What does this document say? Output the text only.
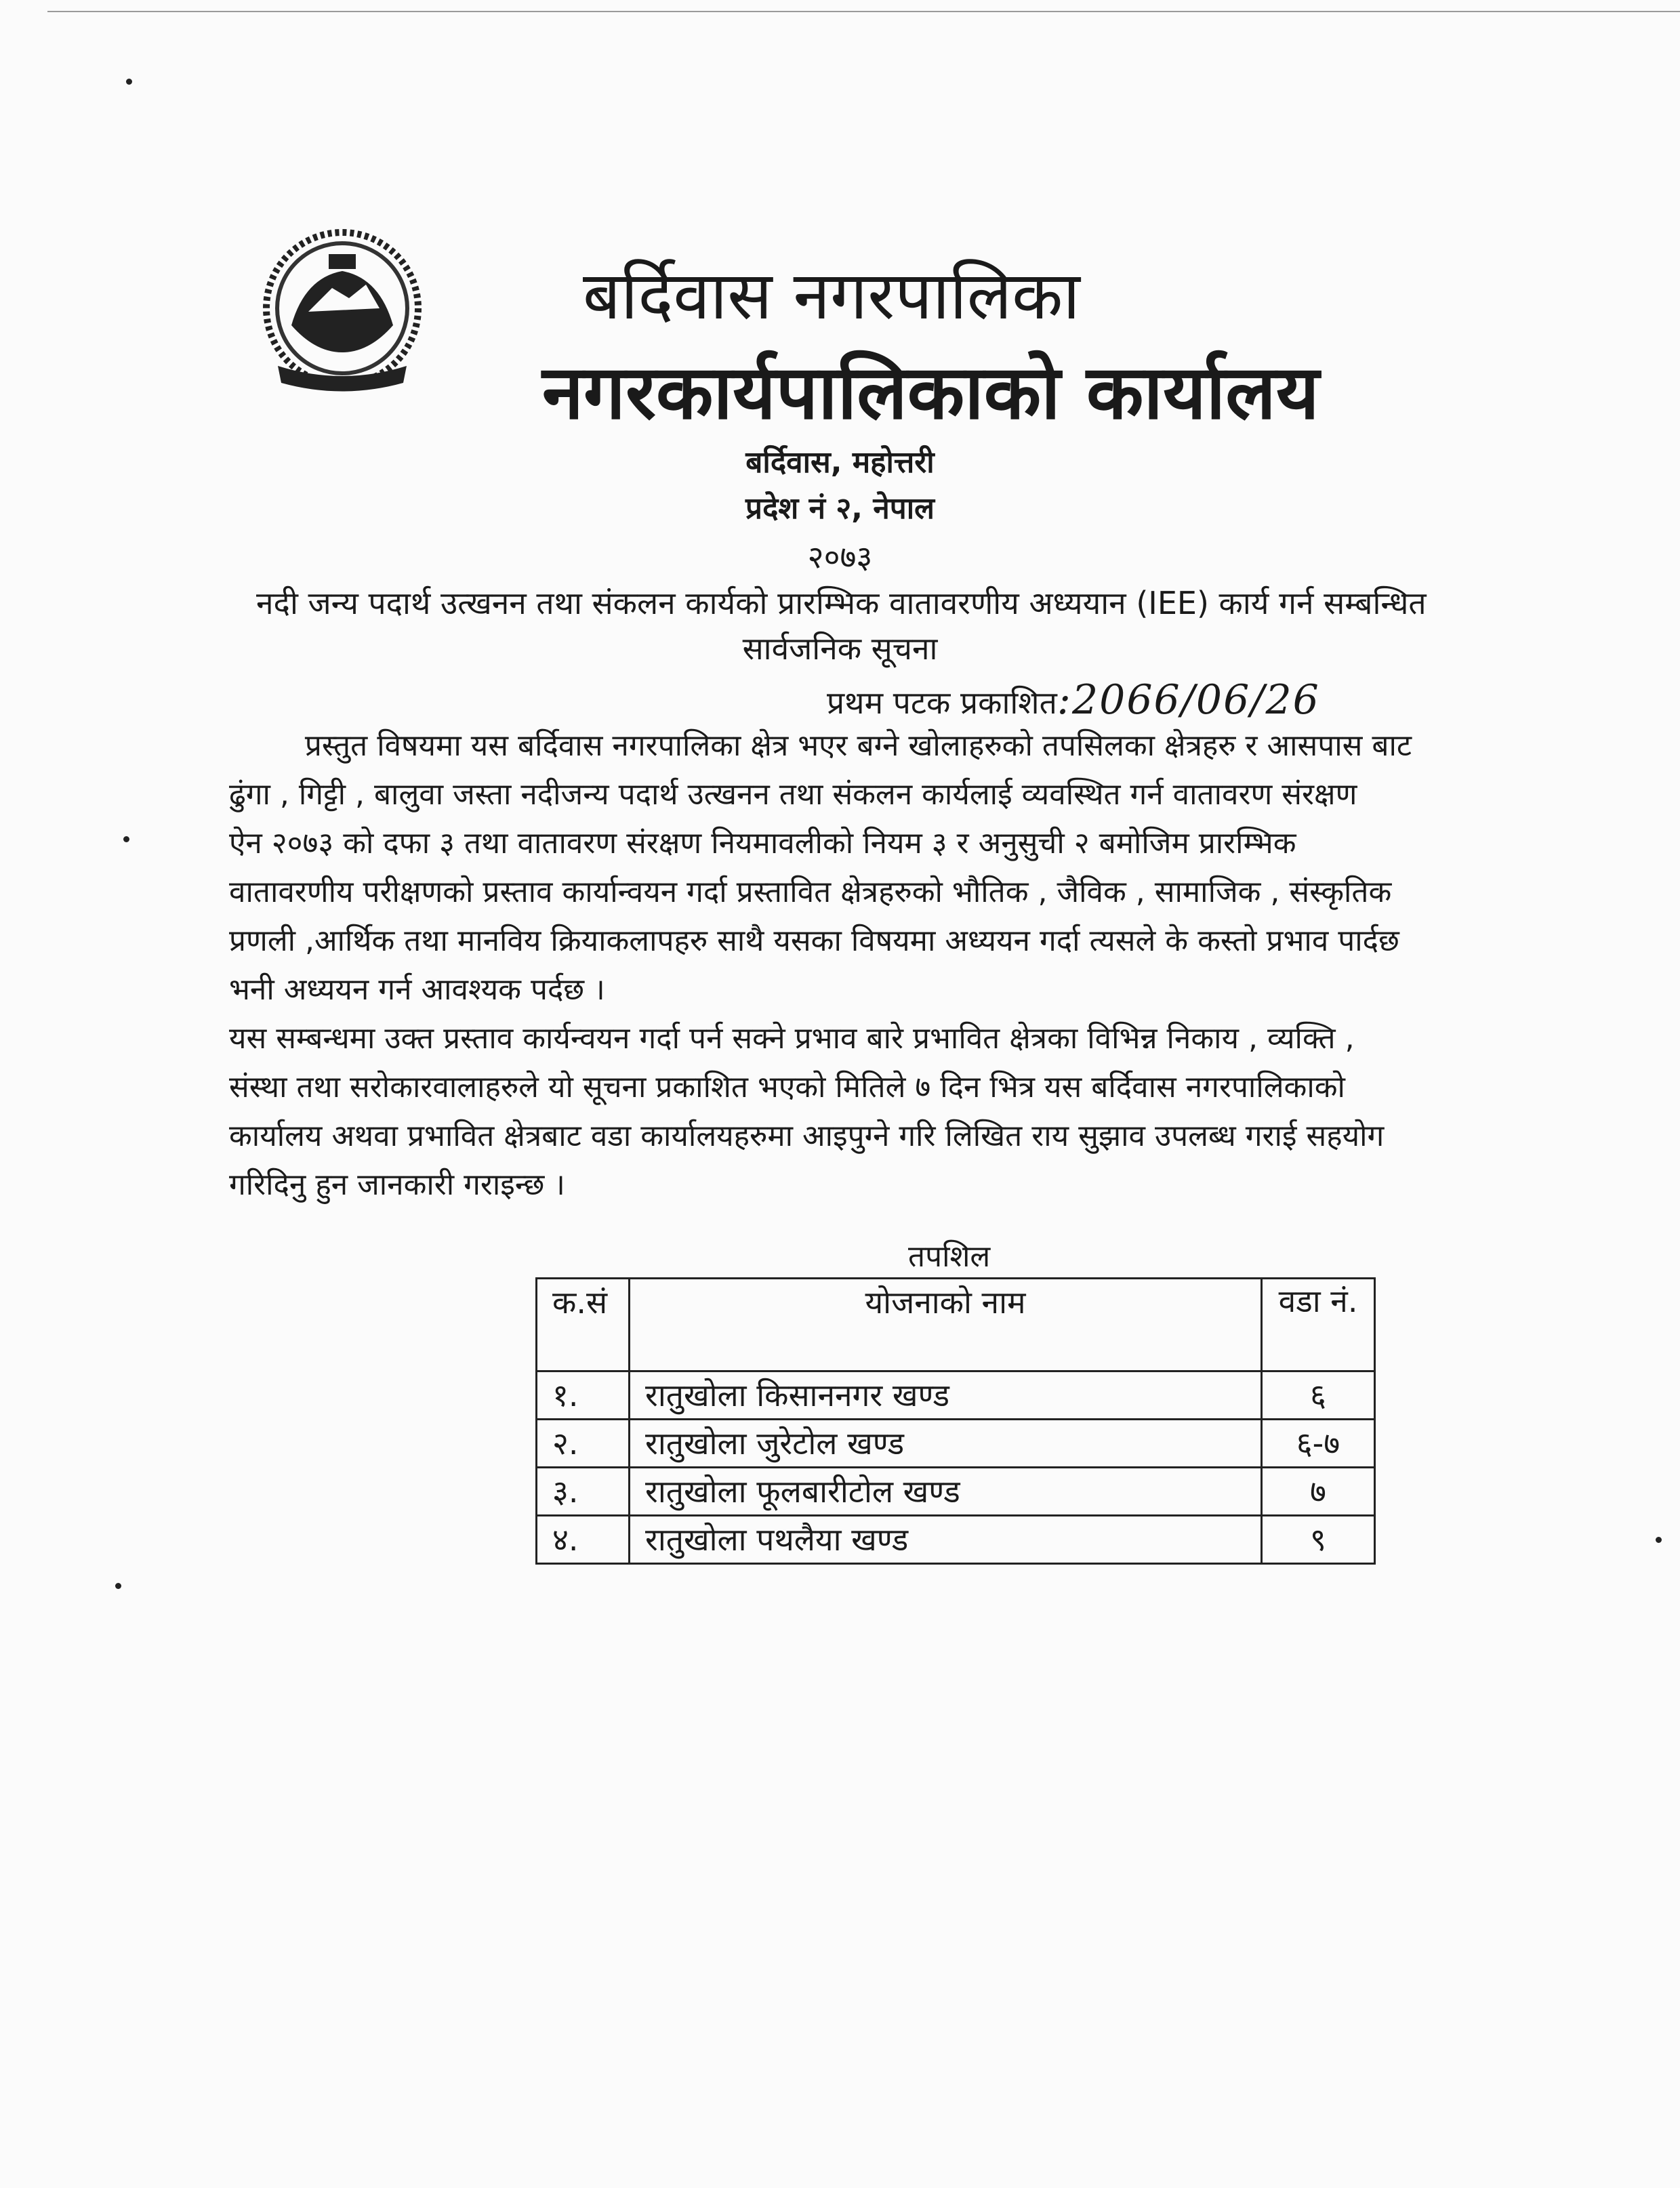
बर्दिवास नगरपालिका
नगरकार्यपालिकाको कार्यालय
बर्दिवास, महोत्तरी
प्रदेश नं २, नेपाल
२०७३
नदी जन्य पदार्थ उत्खनन तथा संकलन कार्यको प्रारम्भिक वातावरणीय अध्ययान (IEE) कार्य गर्न सम्बन्धित
सार्वजनिक सूचना
प्रथम पटक प्रकाशित:2066/06/26
प्रस्तुत विषयमा यस बर्दिवास नगरपालिका क्षेत्र भएर बग्ने खोलाहरुको तपसिलका क्षेत्रहरु र आसपास बाट
ढुंगा , गिट्टी , बालुवा जस्ता नदीजन्य पदार्थ उत्खनन तथा संकलन कार्यलाई व्यवस्थित गर्न वातावरण संरक्षण
ऐन २०७३ को दफा ३ तथा वातावरण संरक्षण नियमावलीको नियम ३ र अनुसुची २ बमोजिम प्रारम्भिक
वातावरणीय परीक्षणको प्रस्ताव कार्यान्वयन गर्दा प्रस्तावित क्षेत्रहरुको भौतिक , जैविक , सामाजिक , संस्कृतिक
प्रणली ,आर्थिक तथा मानविय क्रियाकलापहरु साथै यसका विषयमा अध्ययन गर्दा त्यसले के कस्तो प्रभाव पार्दछ
भनी अध्ययन गर्न आवश्यक पर्दछ ।
यस सम्बन्धमा उक्त प्रस्ताव कार्यन्वयन गर्दा पर्न सक्ने प्रभाव बारे प्रभावित क्षेत्रका विभिन्न निकाय , व्यक्ति ,
संस्था तथा सरोकारवालाहरुले यो सूचना प्रकाशित भएको मितिले ७ दिन भित्र यस बर्दिवास नगरपालिकाको
कार्यालय अथवा प्रभावित क्षेत्रबाट वडा कार्यालयहरुमा आइपुग्ने गरि लिखित राय सुझाव उपलब्ध गराई सहयोग
गरिदिनु हुन जानकारी गराइन्छ ।
तपशिल
क.सं	योजनाको नाम	वडा नं.

१.	रातुखोला किसाननगर खण्ड	६
२.	रातुखोला जुरेटोल खण्ड	६-७
३.	रातुखोला फूलबारीटोल खण्ड	७
४.	रातुखोला पथलैया खण्ड	९
